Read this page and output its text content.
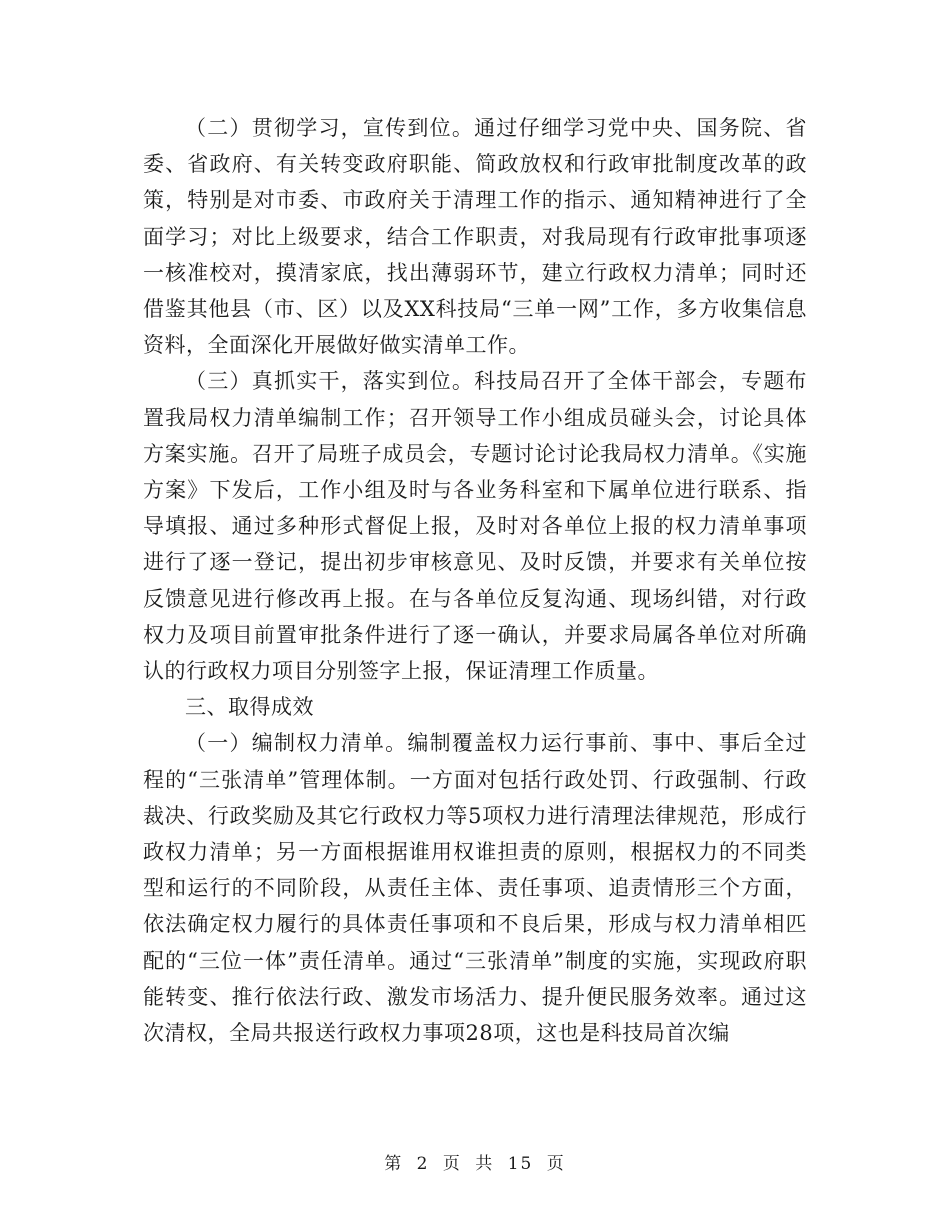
（二）贯彻学习，宣传到位。通过仔细学习党中央、国务院、省委、省政府、有关转变政府职能、简政放权和行政审批制度改革的政策，特别是对市委、市政府关于清理工作的指示、通知精神进行了全面学习；对比上级要求，结合工作职责，对我局现有行政审批事项逐一核准校对，摸清家底，找出薄弱环节，建立行政权力清单；同时还借鉴其他县（市、区）以及XX科技局“三单一网”工作，多方收集信息资料，全面深化开展做好做实清单工作。

（三）真抓实干，落实到位。科技局召开了全体干部会，专题布置我局权力清单编制工作；召开领导工作小组成员碰头会，讨论具体方案实施。召开了局班子成员会，专题讨论讨论我局权力清单。《实施方案》下发后，工作小组及时与各业务科室和下属单位进行联系、指导填报、通过多种形式督促上报，及时对各单位上报的权力清单事项进行了逐一登记，提出初步审核意见、及时反馈，并要求有关单位按反馈意见进行修改再上报。在与各单位反复沟通、现场纠错，对行政权力及项目前置审批条件进行了逐一确认，并要求局属各单位对所确认的行政权力项目分别签字上报，保证清理工作质量。

三、取得成效

（一）编制权力清单。编制覆盖权力运行事前、事中、事后全过程的“三张清单”管理体制。一方面对包括行政处罚、行政强制、行政裁决、行政奖励及其它行政权力等5项权力进行清理法律规范，形成行政权力清单；另一方面根据谁用权谁担责的原则，根据权力的不同类型和运行的不同阶段，从责任主体、责任事项、追责情形三个方面，依法确定权力履行的具体责任事项和不良后果，形成与权力清单相匹配的“三位一体”责任清单。通过“三张清单”制度的实施，实现政府职能转变、推行依法行政、激发市场活力、提升便民服务效率。通过这次清权，全局共报送行政权力事项28项，这也是科技局首次编

第 2 页 共 15 页
